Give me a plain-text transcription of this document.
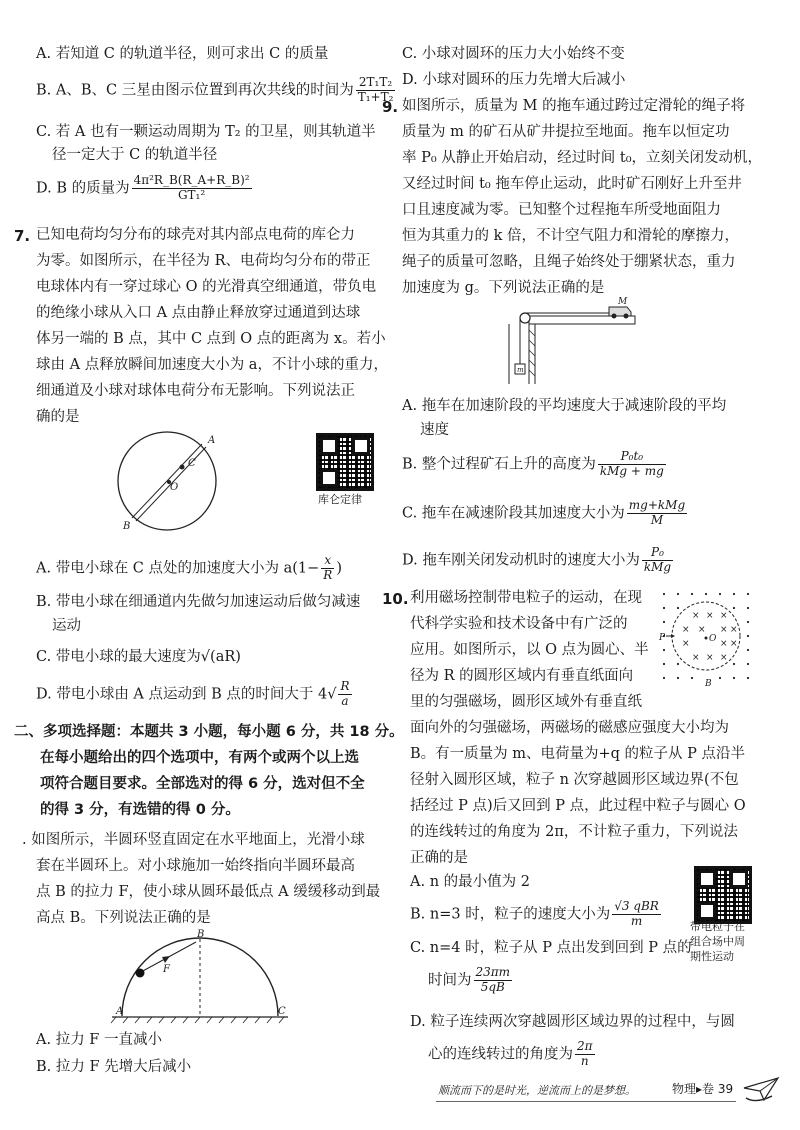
A. 若知道 C 的轨道半径，则可求出 C 的质量
B. A、B、C 三星由图示位置到再次共线的时间为 $\frac{\text{2T₁T₂}}{\text{T₁+T₂}}$
C. 若 A 也有一颗运动周期为 T₂ 的卫星，则其轨道半
径一定大于 C 的轨道半径
D. B 的质量为 $\frac{\text{4π²R\_B(R\_A+R\_B)²}}{\text{GT₁²}}$
7. 已知电荷均匀分布的球壳对其内部点电荷的库仑力
为零。如图所示，在半径为 R、电荷均匀分布的带正
电球体内有一穿过球心 O 的光滑真空细通道，带负电
的绝缘小球从入口 A 点由静止释放穿过通道到达球
体另一端的 B 点，其中 C 点到 O 点的距离为 x。若小
球由 A 点释放瞬间加速度大小为 a，不计小球的重力，
细通道及小球对球体电荷分布无影响。下列说法正
确的是
A
C
O
B
库仑定律
A. 带电小球在 C 点处的加速度大小为 $a(1- \frac{x}{R}$ )
B. 带电小球在细通道内先做匀加速运动后做匀减速
运动
C. 带电小球的最大速度为√(aR)
D. 带电小球由 A 点运动到 B 点的时间大于 $4√ \frac{R}{a}$
二、多项选择题：本题共 3 小题，每小题 6 分，共 18 分。
在每小题给出的四个选项中，有两个或两个以上选
项符合题目要求。全部选对的得 6 分，选对但不全
的得 3 分，有选错的得 0 分。
. 如图所示，半圆环竖直固定在水平地面上，光滑小球
套在半圆环上。对小球施加一始终指向半圆环最高
点 B 的拉力 F，使小球从圆环最低点 A 缓缓移动到最
高点 B。下列说法正确的是
B
F
A	C
A. 拉力 F 一直减小
B. 拉力 F 先增大后减小
C. 小球对圆环的压力大小始终不变
D. 小球对圆环的压力先增大后减小
9. 如图所示，质量为 M 的拖车通过跨过定滑轮的绳子将
质量为 m 的矿石从矿井提拉至地面。拖车以恒定功
率 P₀ 从静止开始启动，经过时间 t₀，立刻关闭发动机，
又经过时间 t₀ 拖车停止运动，此时矿石刚好上升至井
口且速度减为零。已知整个过程拖车所受地面阻力
恒为其重力的 k 倍，不计空气阻力和滑轮的摩擦力，
绳子的质量可忽略，且绳子始终处于绷紧状态，重力
加速度为 g。下列说法正确的是
M
m
A. 拖车在加速阶段的平均速度大于减速阶段的平均
速度
B. 整个过程矿石上升的高度为 $\frac{\text{P₀t₀}}{\text{kMg + mg}}$
C. 拖车在减速阶段其加速度大小为 $\frac{\text{mg+kMg}}{M}$
D. 拖车刚关闭发动机时的速度大小为 $\frac{\text{P₀}}{\text{kMg}}$
10. 利用磁场控制带电粒子的运动，在现
代科学实验和技术设备中有广泛的
应用。如图所示，以 O 点为圆心、半
径为 R 的圆形区域内有垂直纸面向
里的匀强磁场，圆形区域外有垂直纸
× × ×
× × × ×
×	× ×
× × ×
P	O
B
面向外的匀强磁场，两磁场的磁感应强度大小均为
B。有一质量为 m、电荷量为+q 的粒子从 P 点沿半
径射入圆形区域，粒子 n 次穿越圆形区域边界(不包
括经过 P 点)后又回到 P 点，此过程中粒子与圆心 O
的连线转过的角度为 2π，不计粒子重力，下列说法
正确的是
带电粒子在
组合场中周
期性运动
A. n 的最小值为 2
B. n=3 时，粒子的速度大小为 $\frac{\text{√3 qBR}}{m}$
C. n=4 时，粒子从 P 点出发到回到 P 点的
时间为 $\frac{23\pi m}{5qB}$
D. 粒子连续两次穿越圆形区域边界的过程中，与圆
心的连线转过的角度为 $\frac{2\pi}{n}$
顺流而下的是时光，逆流而上的是梦想。	物理▸卷 39
